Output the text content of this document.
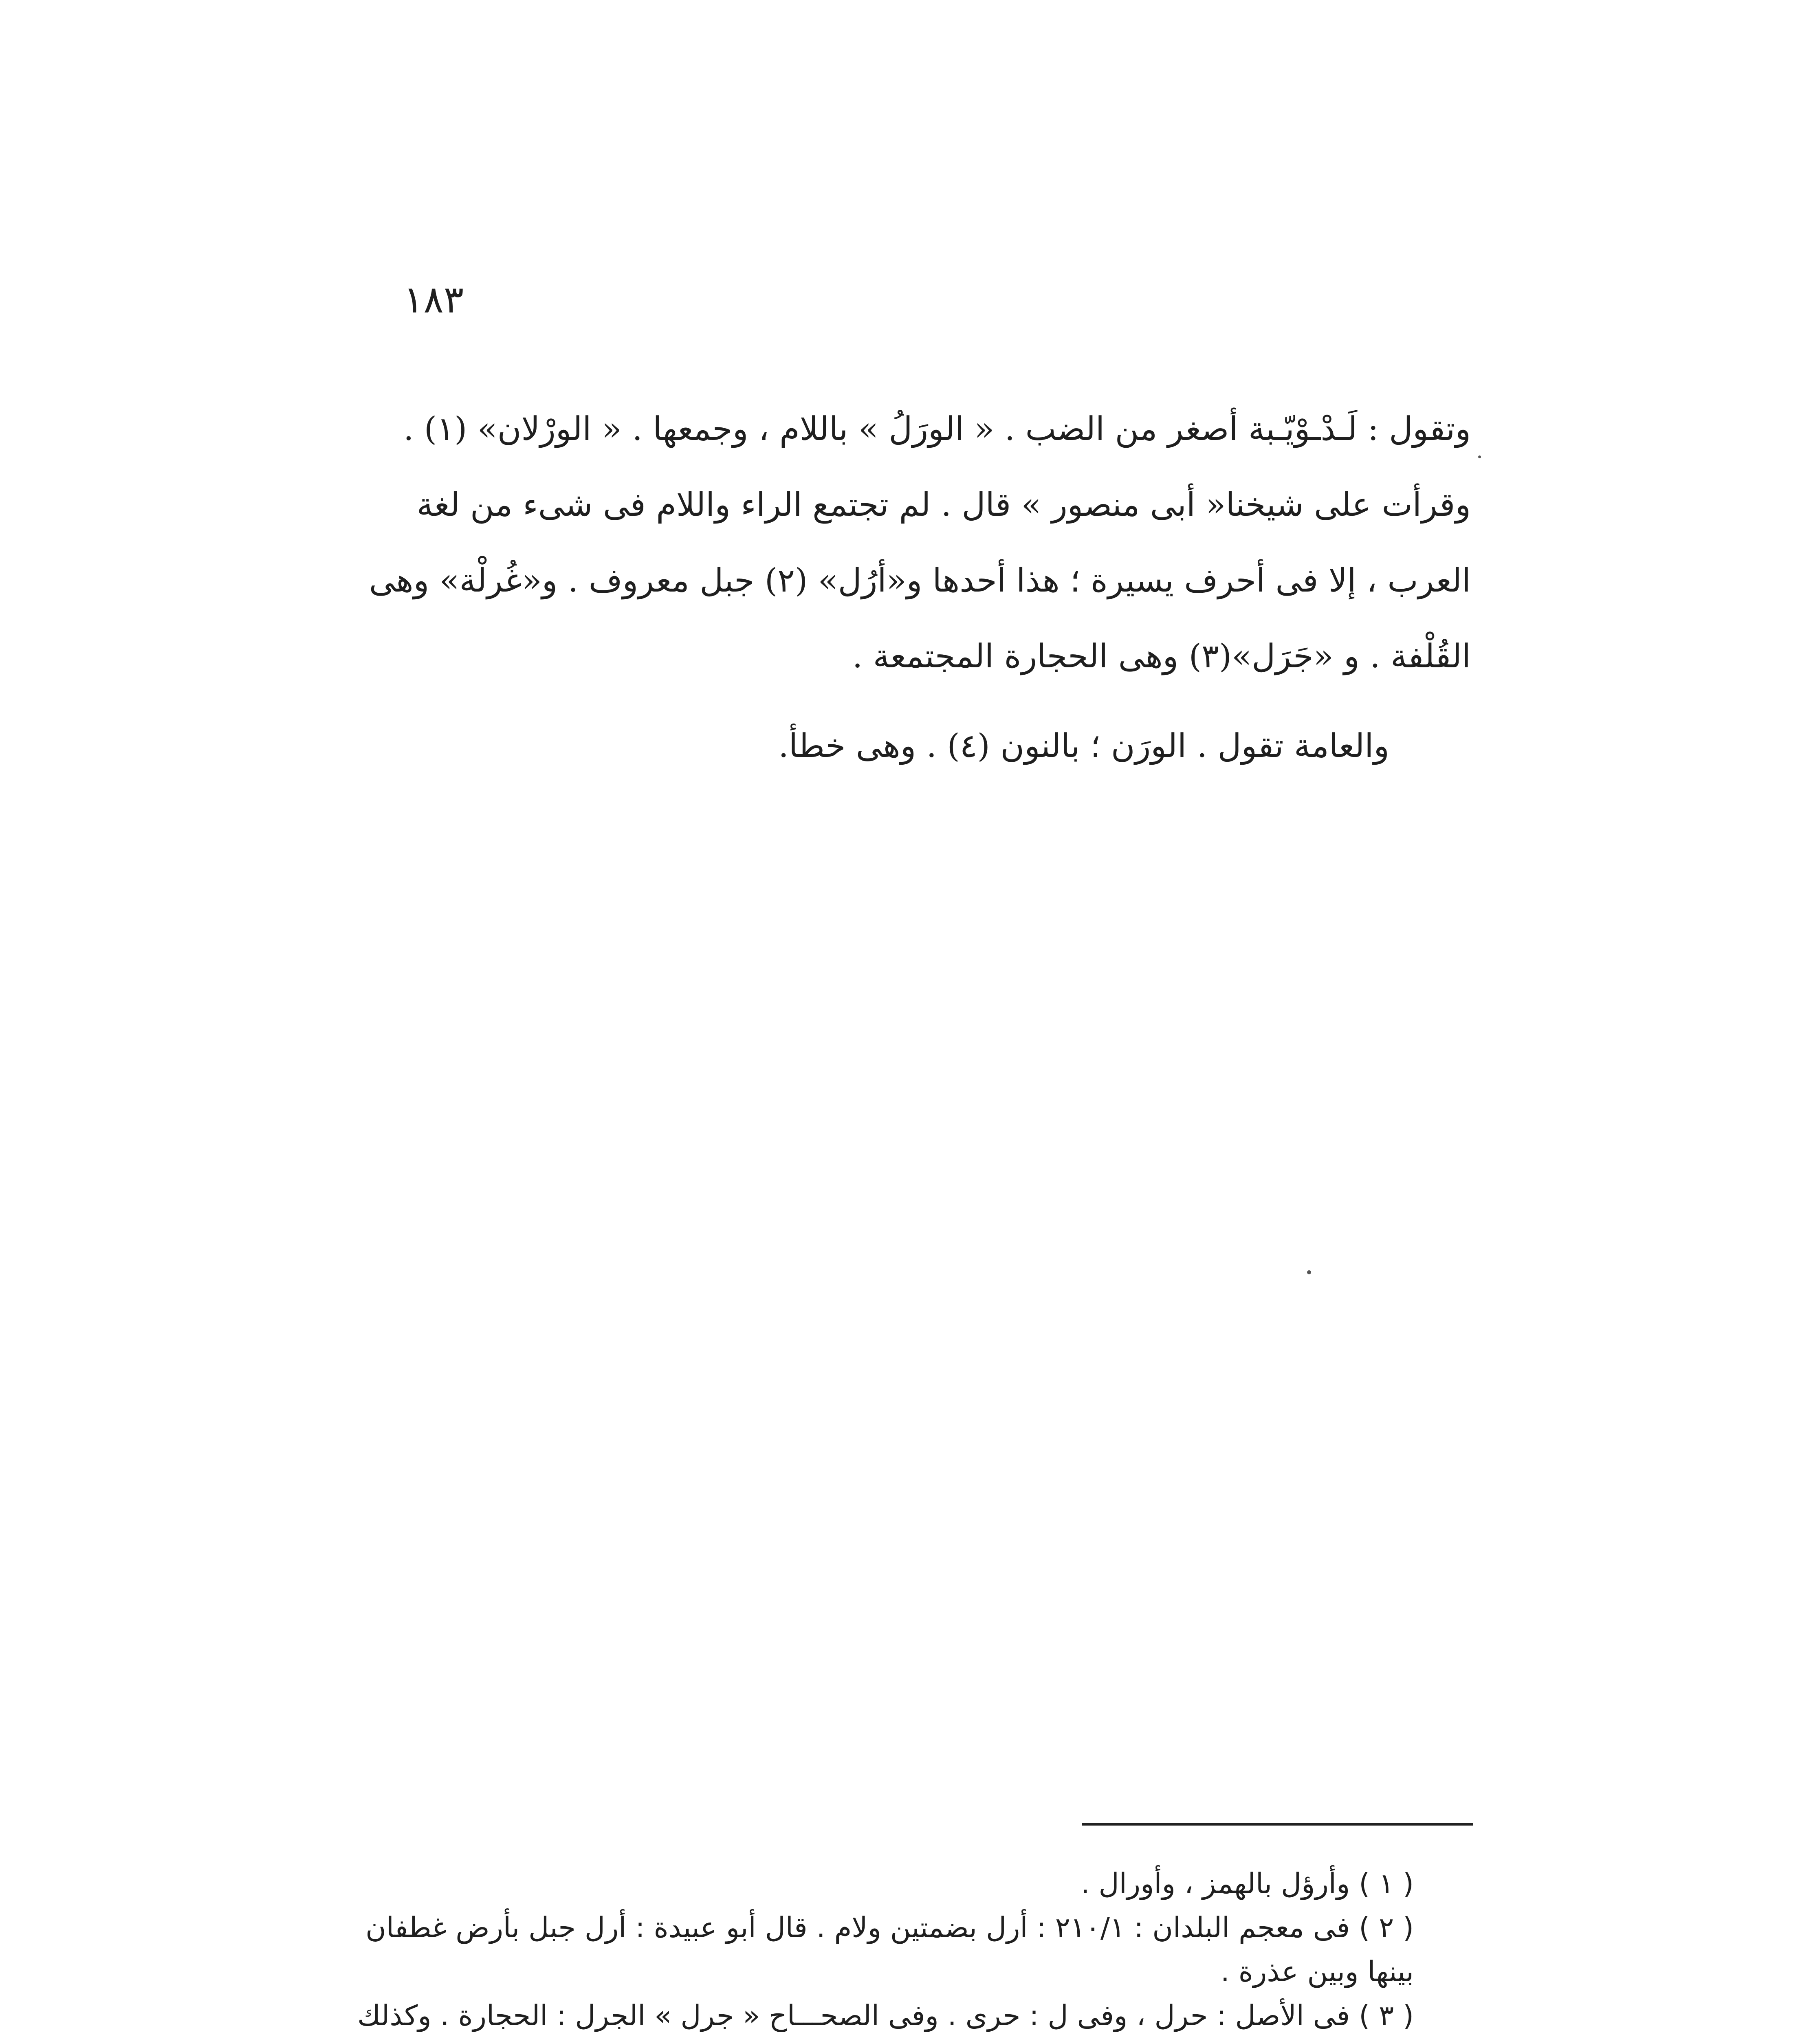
١٨٣

وتقول : لَـدْـوْيّـبة أصغر من الضب . « الورَلُ » باللام ، وجمعها . « الورْلان» (١) . وقرأت على شيخنا« أبى منصور » قال . لم تجتمع الراء واللام فى شىء من لغة العرب ، إلا فى أحرف يسيرة ؛ هذا أحدها و«أرُل» (٢) جبل معروف . و«غُرلْة» وهى القُلْفة . و «جَرَل»(٣) وهى الحجارة المجتمعة .

والعامة تقول . الورَن ؛ بالنون (٤) . وهى خطأ.

( ١ ) وأرؤل بالهمز ، وأورال .

( ٢ ) فى معجم البلدان : ٢١٠/١ : أرل بضمتين ولام . قال أبو عبيدة : أرل جبل بأرض غطفان بينها وبين عذرة .

( ٣ ) فى الأصل : حرل ، وفى ل : حرى . وفى الصحـــاح « جرل » الجرل : الحجارة . وكذلك
